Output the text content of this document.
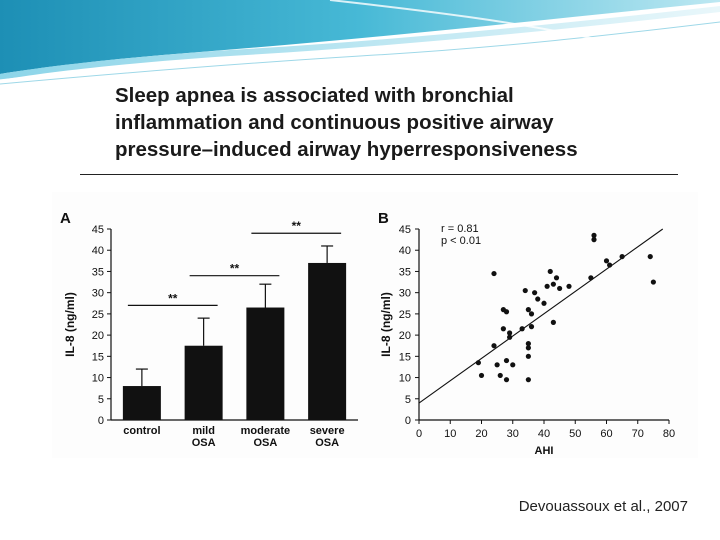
Sleep apnea is associated with bronchial
inflammation and continuous positive airway
pressure–induced airway hyperresponsiveness
A
0
5
10
15
20
25
30
35
40
45
IL-8 (ng/ml)
control	mild
OSA
moderate
OSA
severe
OSA
**
**
**	B
0
5
10
15
20
25
30
35
40
45
0 10 20 30 40 50 60 70 80
IL-8 (ng/ml)
AHI
r = 0.81
p < 0.01
Devouassoux et al., 2007
